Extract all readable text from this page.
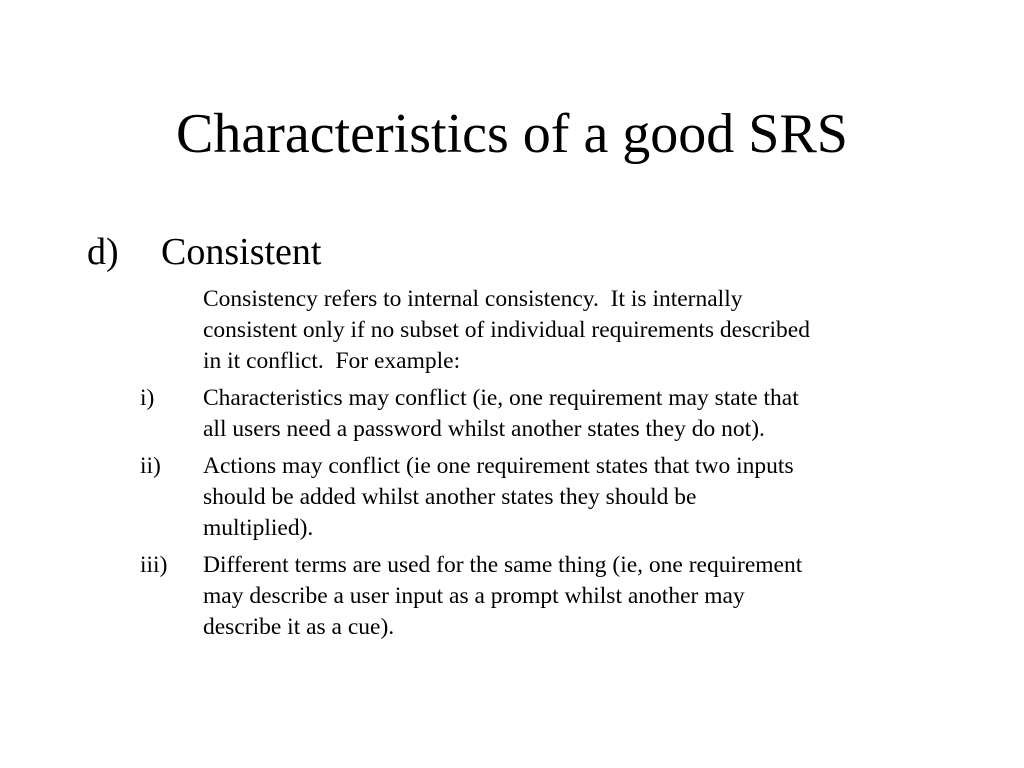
Characteristics of a good SRS
d) Consistent
Consistency refers to internal consistency.  It is internally
consistent only if no subset of individual requirements described
in it conflict.  For example:
i)	Characteristics may conflict (ie, one requirement may state that
all users need a password whilst another states they do not).
ii)	Actions may conflict (ie one requirement states that two inputs
should be added whilst another states they should be
multiplied).
iii)	Different terms are used for the same thing (ie, one requirement
may describe a user input as a prompt whilst another may
describe it as a cue).
